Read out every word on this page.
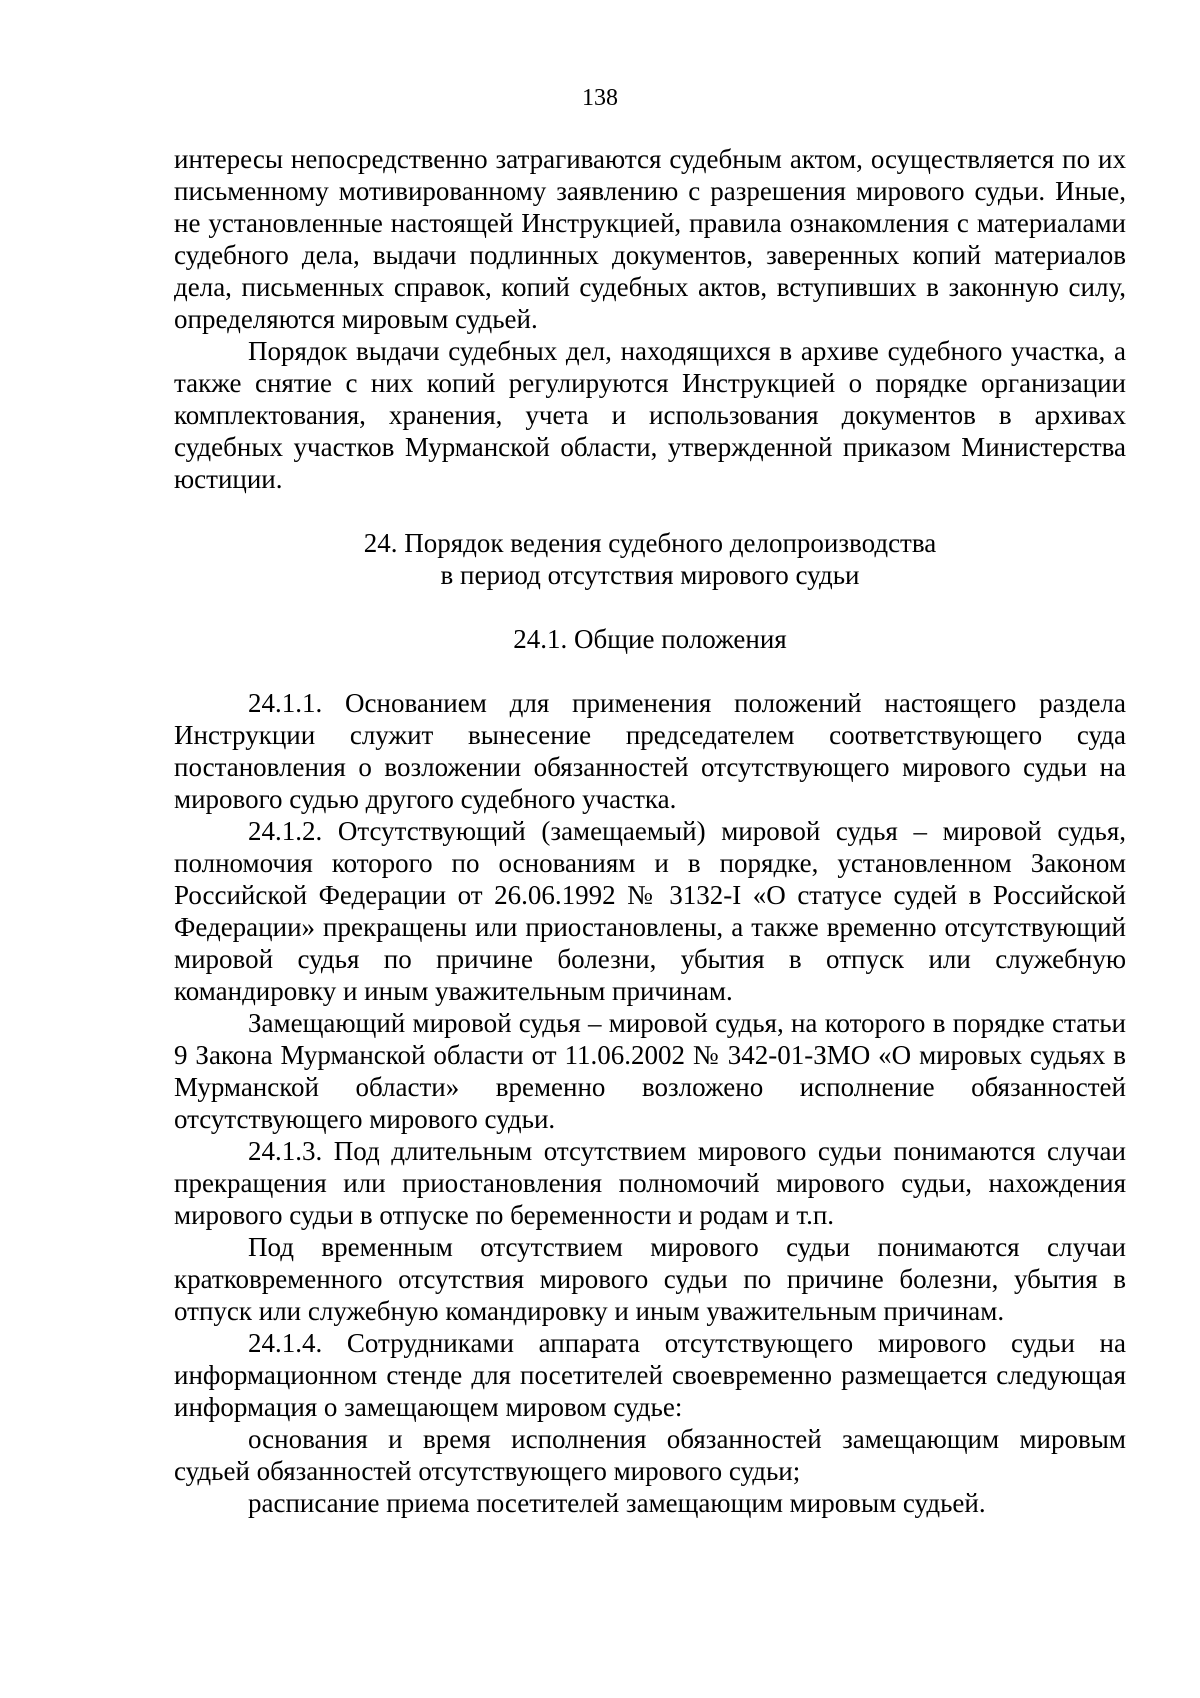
138

интересы непосредственно затрагиваются судебным актом, осуществляется по их письменному мотивированному заявлению с разрешения мирового судьи. Иные, не установленные настоящей Инструкцией, правила ознакомления с материалами судебного дела, выдачи подлинных документов, заверенных копий материалов дела, письменных справок, копий судебных актов, вступивших в законную силу, определяются мировым судьей.

Порядок выдачи судебных дел, находящихся в архиве судебного участка, а также снятие с них копий регулируются Инструкцией о порядке организации комплектования, хранения, учета и использования документов в архивах судебных участков Мурманской области, утвержденной приказом Министерства юстиции.

24. Порядок ведения судебного делопроизводства
в период отсутствия мирового судьи

24.1. Общие положения

24.1.1. Основанием для применения положений настоящего раздела Инструкции служит вынесение председателем соответствующего суда постановления о возложении обязанностей отсутствующего мирового судьи на мирового судью другого судебного участка.

24.1.2. Отсутствующий (замещаемый) мировой судья – мировой судья, полномочия которого по основаниям и в порядке, установленном Законом Российской Федерации от 26.06.1992 № 3132-I «О статусе судей в Российской Федерации» прекращены или приостановлены, а также временно отсутствующий мировой судья по причине болезни, убытия в отпуск или служебную командировку и иным уважительным причинам.

Замещающий мировой судья – мировой судья, на которого в порядке статьи 9 Закона Мурманской области от 11.06.2002 № 342-01-ЗМО «О мировых судьях в Мурманской области» временно возложено исполнение обязанностей отсутствующего мирового судьи.

24.1.3. Под длительным отсутствием мирового судьи понимаются случаи прекращения или приостановления полномочий мирового судьи, нахождения мирового судьи в отпуске по беременности и родам и т.п.

Под временным отсутствием мирового судьи понимаются случаи кратковременного отсутствия мирового судьи по причине болезни, убытия в отпуск или служебную командировку и иным уважительным причинам.

24.1.4. Сотрудниками аппарата отсутствующего мирового судьи на информационном стенде для посетителей своевременно размещается следующая информация о замещающем мировом судье:

основания и время исполнения обязанностей замещающим мировым судьей обязанностей отсутствующего мирового судьи;

расписание приема посетителей замещающим мировым судьей.
